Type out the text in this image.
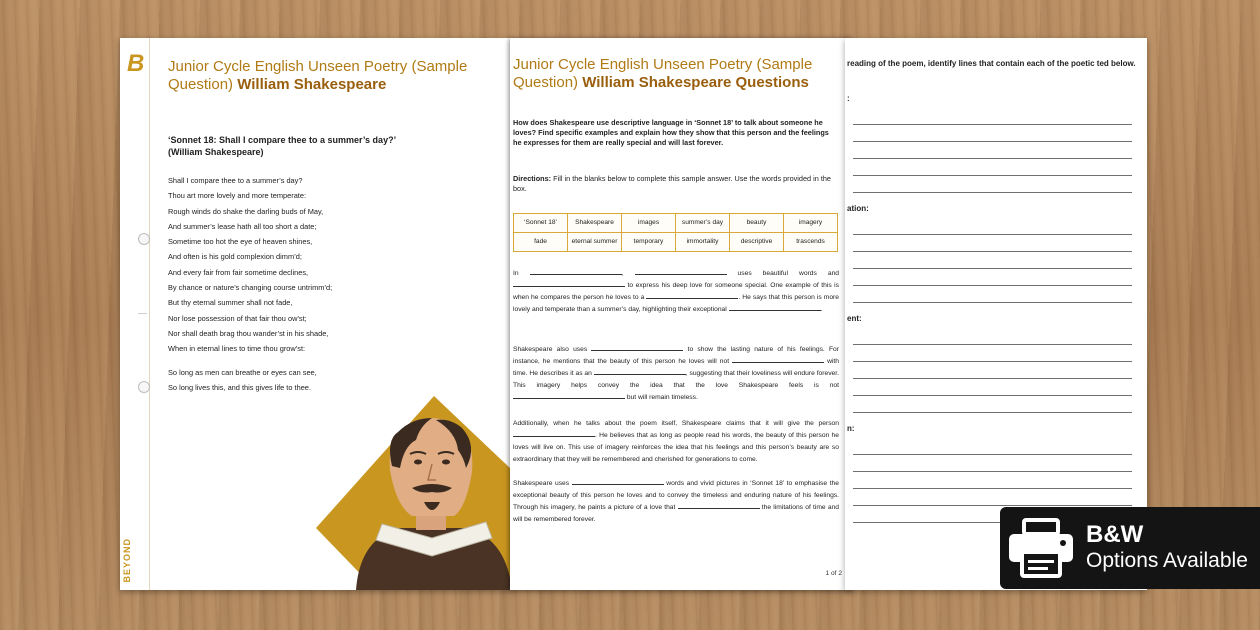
B
BEYOND
Junior Cycle English Unseen Poetry (Sample Question) William Shakespeare
‘Sonnet 18: Shall I compare thee to a summer’s day?’
(William Shakespeare)
Shall I compare thee to a summer’s day?
Thou art more lovely and more temperate:
Rough winds do shake the darling buds of May,
And summer’s lease hath all too short a date;
Sometime too hot the eye of heaven shines,
And often is his gold complexion dimm’d;
And every fair from fair sometime declines,
By chance or nature’s changing course untrimm’d;
But thy eternal summer shall not fade,
Nor lose possession of that fair thou ow’st;
Nor shall death brag thou wander’st in his shade,
When in eternal lines to time thou grow’st:
So long as men can breathe or eyes can see,
So long lives this, and this gives life to thee.
Junior Cycle English Unseen Poetry (Sample Question) William Shakespeare Questions
How does Shakespeare use descriptive language in ‘Sonnet 18’ to talk about someone he loves? Find specific examples and explain how they show that this person and the feelings he expresses for them are really special and will last forever.
Directions: Fill in the blanks below to complete this sample answer. Use the words provided in the box.
‘Sonnet 18’	Shakespeare	images	summer’s day	beauty	imagery
fade	eternal summer	temporary	immortality	descriptive	trascends
In	,	uses beautiful words and  to express his deep love for someone special. One example of this is when he compares the person he loves to a	. He says that this person is more lovely and temperate than a summer’s day, highlighting their exceptional	.
Shakespeare also uses	to show the lasting nature of his feelings. For instance, he mentions that the beauty of this person he loves will not	with time. He describes it as an	, suggesting that their loveliness will endure forever. This imagery helps convey the idea that the love Shakespeare feels is not  but will remain timeless.
Additionally, when he talks about the poem itself, Shakespeare claims that it will give the person . He believes that as long as people read his words, the beauty of this person he loves will live on. This use of imagery reinforces the idea that his feelings and this person’s beauty are so extraordinary that they will be remembered and cherished for generations to come.
Shakespeare uses	words and vivid pictures in ‘Sonnet 18’ to emphasise the exceptional beauty of this person he loves and to convey the timeless and enduring nature of his feelings. Through his imagery, he paints a picture of a love that	the limitations of time and will be remembered forever.
1 of 2
reading of the poem, identify lines that contain each of the poetic ted below.
:
ation:
ent:
n:
B&W
Options Available
